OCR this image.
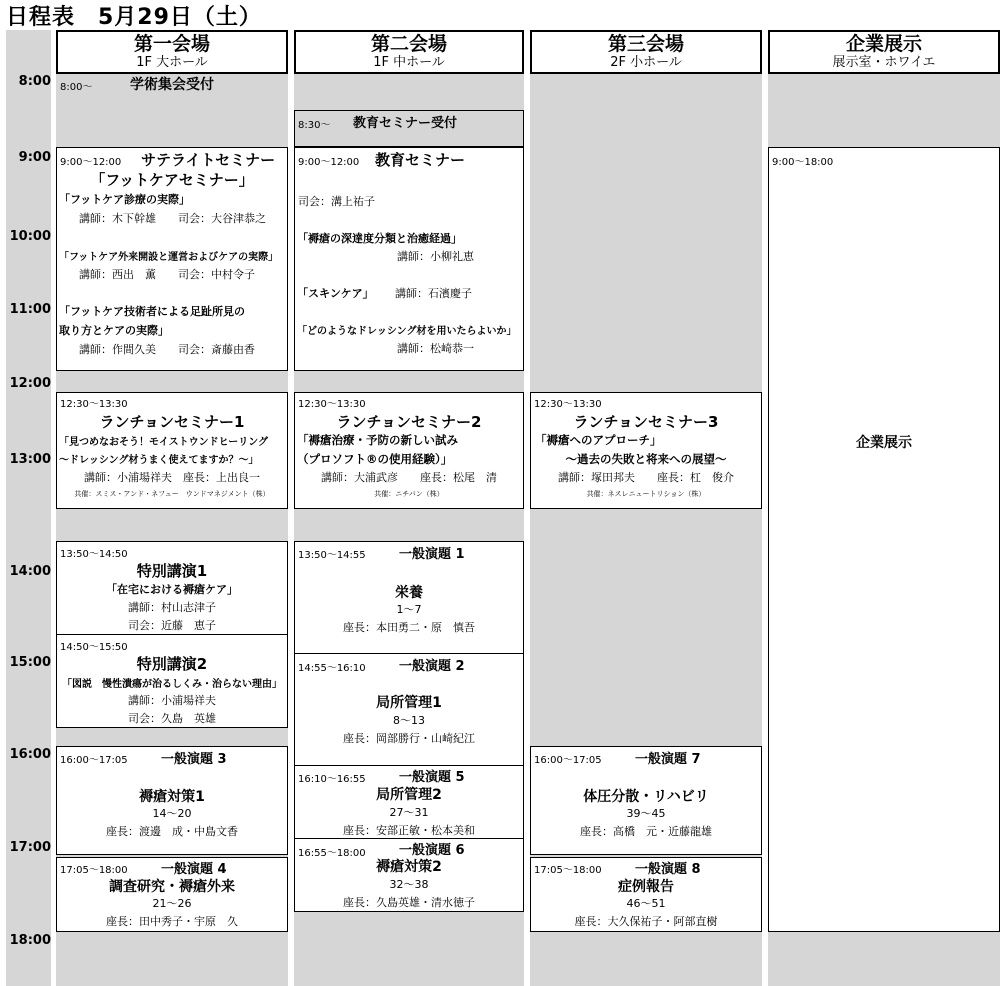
日程表　5月29日（土）
第一会場
1F 大ホール
第二会場
1F 中ホール
第三会場
2F 小ホール
企業展示
展示室・ホワイエ
8:00
9:00
10:00
11:00
12:00
13:00
14:00
15:00
16:00
17:00
18:00
8:00～	学術集会受付
9:00～12:00 サテライトセミナー
「フットケアセミナー」
「フットケア診療の実際」
講師：木下幹雄　　司会：大谷津恭之
「フットケア外来開設と運営およびケアの実際」
講師：西出　薫　　司会：中村令子
「フットケア技術者による足趾所見の
取り方とケアの実際」
講師：作間久美　　司会：斎藤由香
12:30～13:30
ランチョンセミナー1
「見つめなおそう！モイストウンドヒーリング
～ドレッシング材うまく使えてますか？～」
講師：小浦場祥夫　座長：上出良一
共催：スミス・アンド・ネフュー　ウンドマネジメント（株）
13:50～14:50
特別講演1
「在宅における褥瘡ケア」
講師：村山志津子
司会：近藤　恵子
14:50～15:50
特別講演2
「図説　慢性潰瘍が治るしくみ・治らない理由」
講師：小浦場祥夫
司会：久島　英雄
16:00～17:05	一般演題 3
褥瘡対策1
14～20
座長：渡邊　成・中島文香
17:05～18:00	一般演題 4
調査研究・褥瘡外来
21～26
座長：田中秀子・宇原　久
8:30～ 教育セミナー受付
9:00～12:00 教育セミナー
司会：溝上祐子
「褥瘡の深達度分類と治癒経過」
講師：小柳礼恵
「スキンケア」 講師：石濱慶子
「どのようなドレッシング材を用いたらよいか」
講師：松崎恭一
12:30～13:30
ランチョンセミナー2
「褥瘡治療・予防の新しい試み
（プロソフト®の使用経験）」
講師：大浦武彦　　座長：松尾　清
共催：ニチバン（株）
13:50～14:55	一般演題 1
栄養
1～7
座長：本田勇二・原　慎吾
14:55～16:10	一般演題 2
局所管理1
8～13
座長：岡部勝行・山崎紀江
16:10～16:55	一般演題 5
局所管理2
27～31
座長：安部正敏・松本美和
16:55～18:00	一般演題 6
褥瘡対策2
32～38
座長：久島英雄・清水徳子
12:30～13:30
ランチョンセミナー3
「褥瘡へのアプローチ」
～過去の失敗と将来への展望～
講師：塚田邦夫　　座長：杠　俊介
共催：ネスレニュートリション（株）
16:00～17:05	一般演題 7
体圧分散・リハビリ
39～45
座長：高橋　元・近藤龍雄
17:05～18:00	一般演題 8
症例報告
46～51
座長：大久保祐子・阿部直樹
9:00～18:00
企業展示
